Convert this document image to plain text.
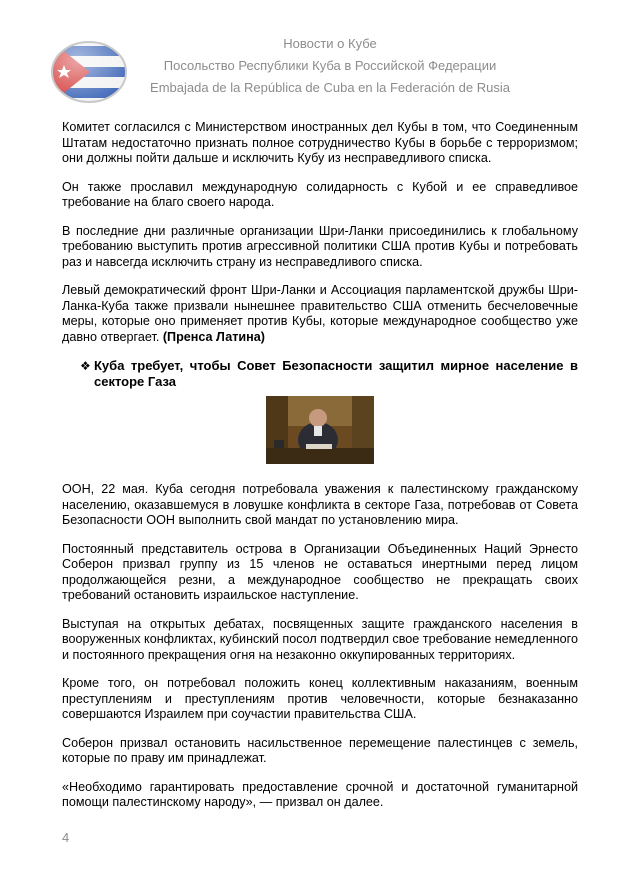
Новости о Кубе
Посольство Республики Куба в Российской Федерации
Embajada de la República de Cuba en la Federación de Rusia

Комитет согласился с Министерством иностранных дел Кубы в том, что Соединенным Штатам недостаточно признать полное сотрудничество Кубы в борьбе с терроризмом; они должны пойти дальше и исключить Кубу из несправедливого списка.

Он также прославил международную солидарность с Кубой и ее справедливое требование на благо своего народа.

В последние дни различные организации Шри-Ланки присоединились к глобальному требованию выступить против агрессивной политики США против Кубы и потребовать раз и навсегда исключить страну из несправедливого списка.

Левый демократический фронт Шри-Ланки и Ассоциация парламентской дружбы Шри-Ланка-Куба также призвали нынешнее правительство США отменить бесчеловечные меры, которые оно применяет против Кубы, которые международное сообщество уже давно отвергает. (Пренса Латина)

❖ Куба требует, чтобы Совет Безопасности защитил мирное население в секторе Газа

ООН, 22 мая. Куба сегодня потребовала уважения к палестинскому гражданскому населению, оказавшемуся в ловушке конфликта в секторе Газа, потребовав от Совета Безопасности ООН выполнить свой мандат по установлению мира.

Постоянный представитель острова в Организации Объединенных Наций Эрнесто Соберон призвал группу из 15 членов не оставаться инертными перед лицом продолжающейся резни, а международное сообщество не прекращать своих требований остановить израильское наступление.

Выступая на открытых дебатах, посвященных защите гражданского населения в вооруженных конфликтах, кубинский посол подтвердил свое требование немедленного и постоянного прекращения огня на незаконно оккупированных территориях.

Кроме того, он потребовал положить конец коллективным наказаниям, военным преступлениям и преступлениям против человечности, которые безнаказанно совершаются Израилем при соучастии правительства США.

Соберон призвал остановить насильственное перемещение палестинцев с земель, которые по праву им принадлежат.

«Необходимо гарантировать предоставление срочной и достаточной гуманитарной помощи палестинскому народу», — призвал он далее.

4
